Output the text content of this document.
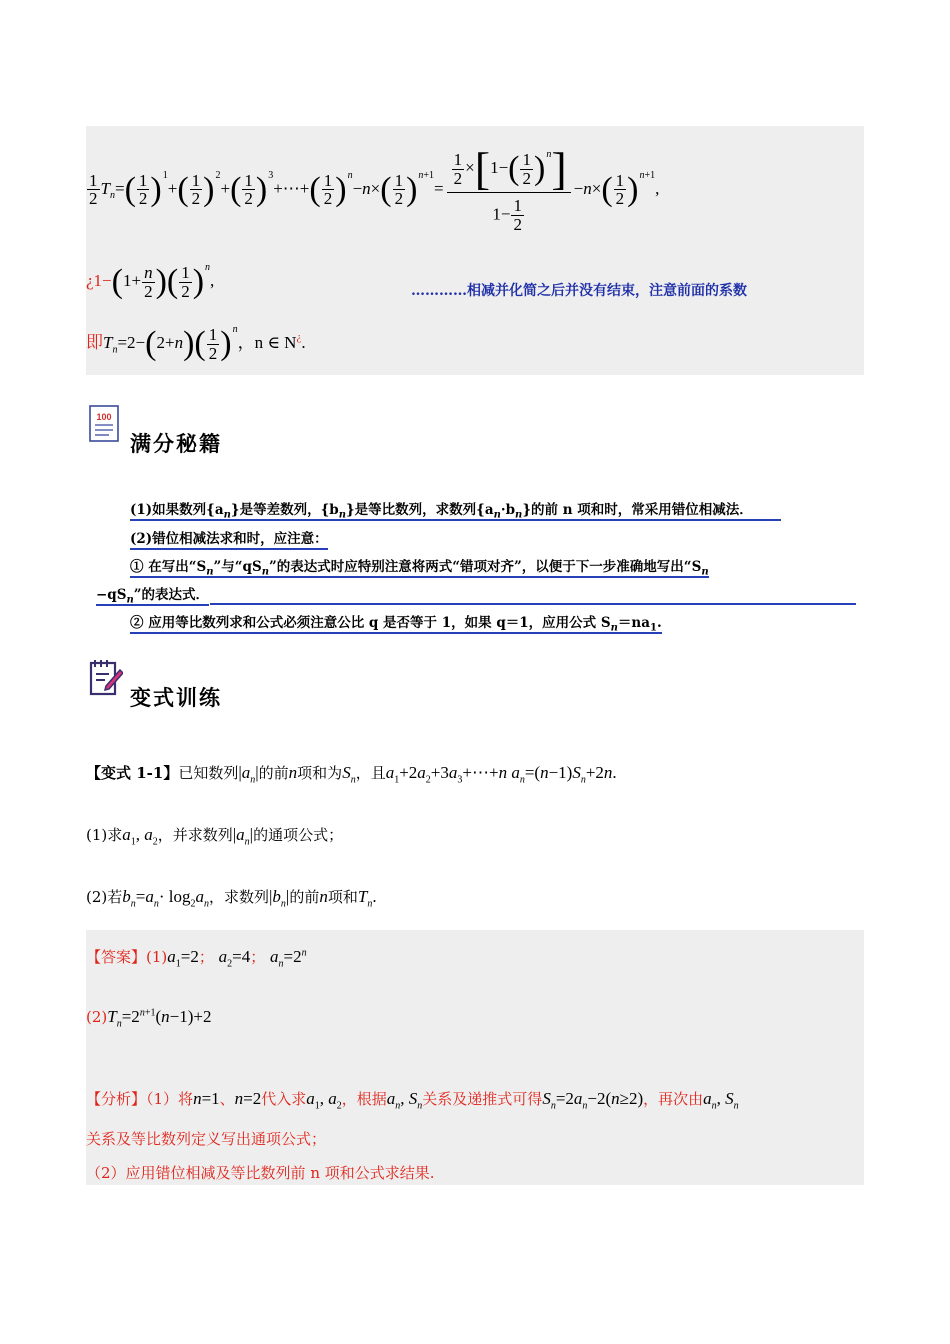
$\frac{1}{2} T_n=( \frac{1}{2} )^1+( \frac{1}{2} )^2+( \frac{1}{2}$ )$^3+\cdots+( \frac{1}{2} )^n-n\times( \frac{1}{2} )^{n+1}= \frac{\frac{1}{2} \times[1-( \frac{1}{2} )^n]}{1- \frac{1}{2}} -n\times( \frac{1}{2} )^{n+1}$,
¿$1-(1+ \frac{n}{2}$ )( $\frac{1}{2} )^n$,
…………相减并化简之后并没有结束，注意前面的系数
即$T_n=2-(2+n)( \frac{1}{2} )^n$，n ∈ N¿.
100
满分秘籍
(1)如果数列$\{a_n\}$是等差数列，$\{b_n\}$是等比数列，求数列$\{a_n\cdot b_n\}$的前 n 项和时，常采用错位相减法．
(2)错位相减法求和时，应注意：
① 在写出“$S_n$”与“$qS_n$”的表达式时应特别注意将两式“错项对齐”，以便于下一步准确地写出“$S_n$
$-qS_n$”的表达式．
② 应用等比数列求和公式必须注意公比 q 是否等于 1，如果 q＝1，应用公式 $S_n=na_1$.
变式训练
【变式 1-1】已知数列$|a_n|$的前n项和为$S_n$，且$a_1+2a_2+3a_3+\cdots+n$ $a_n=(n-1)S_n+2n$.
(1)求$a_1$, $a_2$，并求数列$|a_n|$的通项公式；
(2)若$b_n=a_n\cdot \log_2a_n$，求数列$|b_n|$的前n项和$T_n$.
【答案】$(1)a_1=2$； $a_2=4$； $a_n=2^n$
$(2)T_n=2^{n+1}(n-1)+2$
【分析】（1）将n=1、n=2代入求$a_1$, $a_2$，根据$a_n$, $S_n$关系及递推式可得$S_n=2a_n-2(n\ge 2)$，再次由$a_n$, $S_n$
关系及等比数列定义写出通项公式；
（2）应用错位相减及等比数列前 n 项和公式求结果.
